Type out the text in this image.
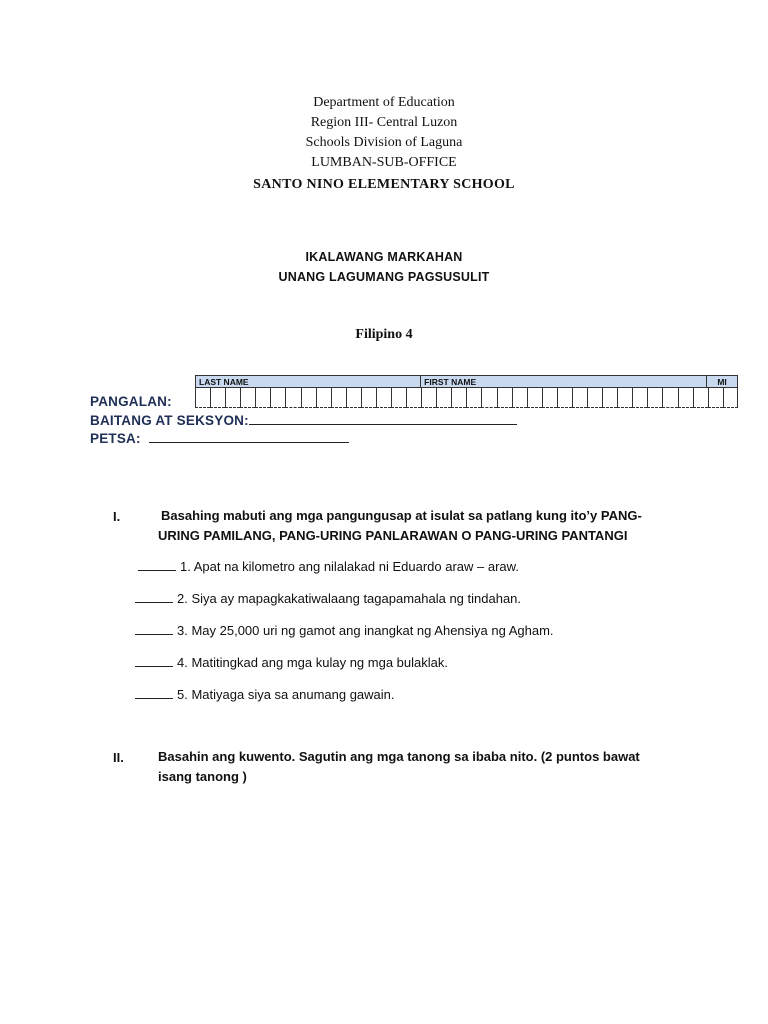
Department of Education
Region III- Central Luzon
Schools Division of Laguna
LUMBAN-SUB-OFFICE
SANTO NINO ELEMENTARY SCHOOL
IKALAWANG MARKAHAN
UNANG LAGUMANG PAGSUSULIT
Filipino 4
LAST NAME	FIRST NAME	MI
PANGALAN:
BAITANG AT SEKSYON:
PETSA:
I.	Basahing mabuti ang mga pangungusap at isulat sa patlang kung ito’y PANG-
URING PAMILANG, PANG-URING PANLARAWAN O PANG-URING PANTANGI
1. Apat na kilometro ang nilalakad ni Eduardo araw – araw.
2. Siya ay mapagkakatiwalaang tagapamahala ng tindahan.
3. May 25,000 uri ng gamot ang inangkat ng Ahensiya ng Agham.
4. Matitingkad ang mga kulay ng mga bulaklak.
5. Matiyaga siya sa anumang gawain.
II.	Basahin ang kuwento. Sagutin ang mga tanong sa ibaba nito. (2 puntos bawat
isang tanong )
